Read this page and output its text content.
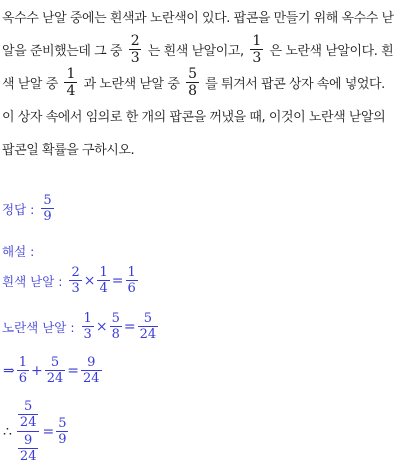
옥수수 낟알 중에는 흰색과 노란색이 있다. 팝콘을 만들기 위해 옥수수 낟알을 준비했는데 그 중 $\frac{2}{3}$ 는 흰색 낟알이고, $\frac{1}{3}$ 은 노란색 낟알이다. 흰색 낟알 중 $\frac{1}{4}$ 과 노란색 낟알 중 $\frac{5}{8}$ 를 튀겨서 팝콘 상자 속에 넣었다. 이 상자 속에서 임의로 한 개의 팝콘을 꺼냈을 때, 이것이 노란색 낟알의 팝콘일 확률을 구하시오.
정답 : $\frac{5}{9}$
해설 :
흰색 낟알 : $\frac{2}{3} \times \frac{1}{4} = \frac{1}{6}$
노란색 낟알 : $\frac{1}{3} \times \frac{5}{8} = \frac{5}{24}$
⇒ $\frac{1}{6} + \frac{5}{24} = \frac{9}{24}$
∴
$\frac{5}{24}$
$\frac{9}{24}$
= $\frac{5}{9}$
